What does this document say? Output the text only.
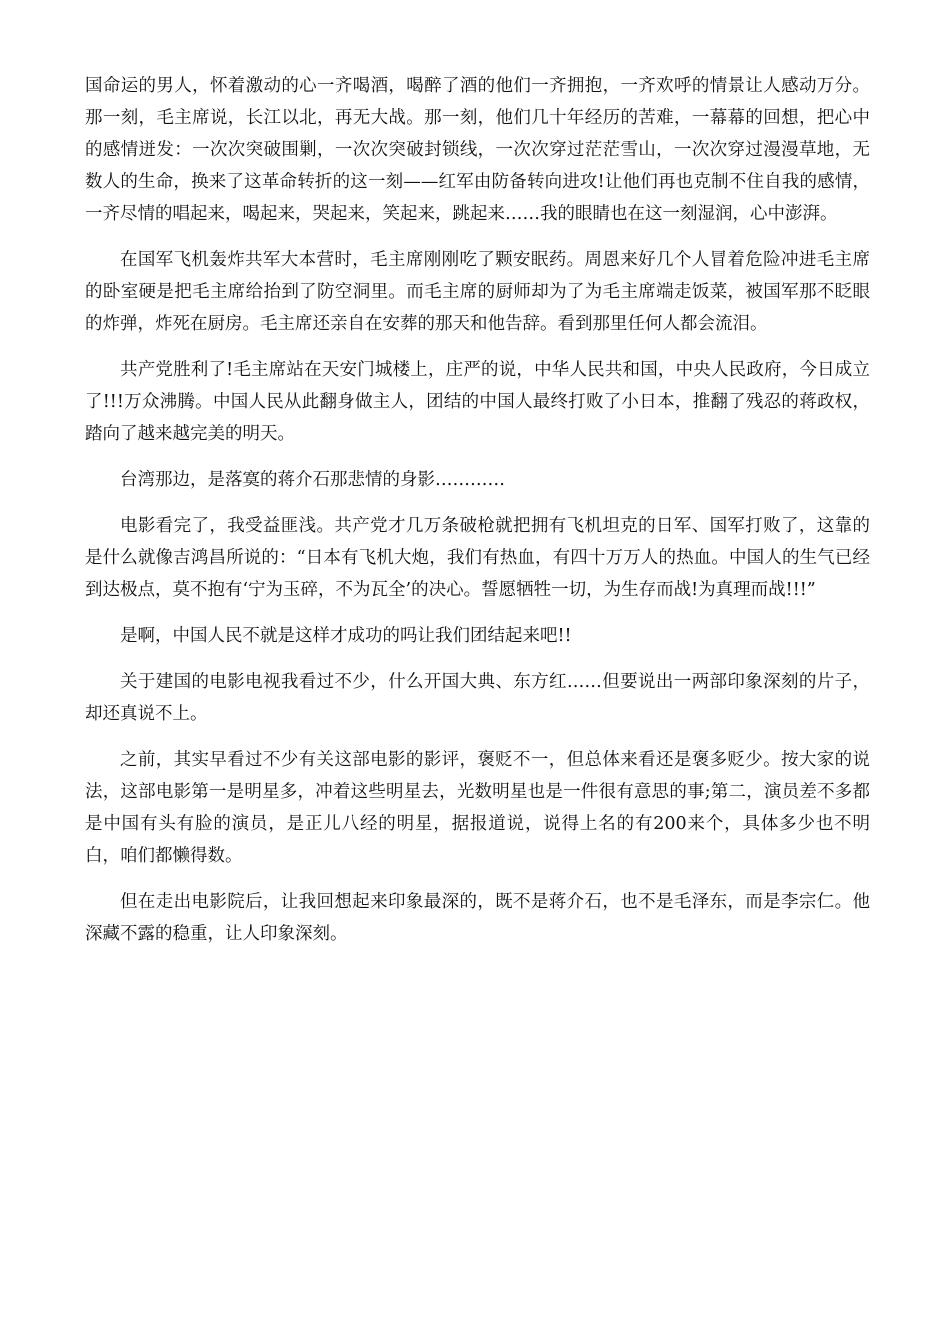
国命运的男人，怀着激动的心一齐喝酒，喝醉了酒的他们一齐拥抱，一齐欢呼的情景让人感动万分。那一刻，毛主席说，长江以北，再无大战。那一刻，他们几十年经历的苦难，一幕幕的回想，把心中的感情迸发：一次次突破围剿，一次次突破封锁线，一次次穿过茫茫雪山，一次次穿过漫漫草地，无数人的生命，换来了这革命转折的这一刻——红军由防备转向进攻!让他们再也克制不住自我的感情，一齐尽情的唱起来，喝起来，哭起来，笑起来，跳起来……我的眼睛也在这一刻湿润，心中澎湃。

在国军飞机轰炸共军大本营时，毛主席刚刚吃了颗安眠药。周恩来好几个人冒着危险冲进毛主席的卧室硬是把毛主席给抬到了防空洞里。而毛主席的厨师却为了为毛主席端走饭菜，被国军那不眨眼的炸弹，炸死在厨房。毛主席还亲自在安葬的那天和他告辞。看到那里任何人都会流泪。

共产党胜利了!毛主席站在天安门城楼上，庄严的说，中华人民共和国，中央人民政府，今日成立了!!!万众沸腾。中国人民从此翻身做主人，团结的中国人最终打败了小日本，推翻了残忍的蒋政权，踏向了越来越完美的明天。

台湾那边，是落寞的蒋介石那悲情的身影…………

电影看完了，我受益匪浅。共产党才几万条破枪就把拥有飞机坦克的日军、国军打败了，这靠的是什么就像吉鸿昌所说的：“日本有飞机大炮，我们有热血，有四十万万人的热血。中国人的生气已经到达极点，莫不抱有‘宁为玉碎，不为瓦全’的决心。誓愿牺牲一切，为生存而战!为真理而战!!!”

是啊，中国人民不就是这样才成功的吗让我们团结起来吧!!

关于建国的电影电视我看过不少，什么开国大典、东方红……但要说出一两部印象深刻的片子，却还真说不上。

之前，其实早看过不少有关这部电影的影评，褒贬不一，但总体来看还是褒多贬少。按大家的说法，这部电影第一是明星多，冲着这些明星去，光数明星也是一件很有意思的事;第二，演员差不多都是中国有头有脸的演员，是正儿八经的明星，据报道说，说得上名的有200来个，具体多少也不明白，咱们都懒得数。

但在走出电影院后，让我回想起来印象最深的，既不是蒋介石，也不是毛泽东，而是李宗仁。他深藏不露的稳重，让人印象深刻。
